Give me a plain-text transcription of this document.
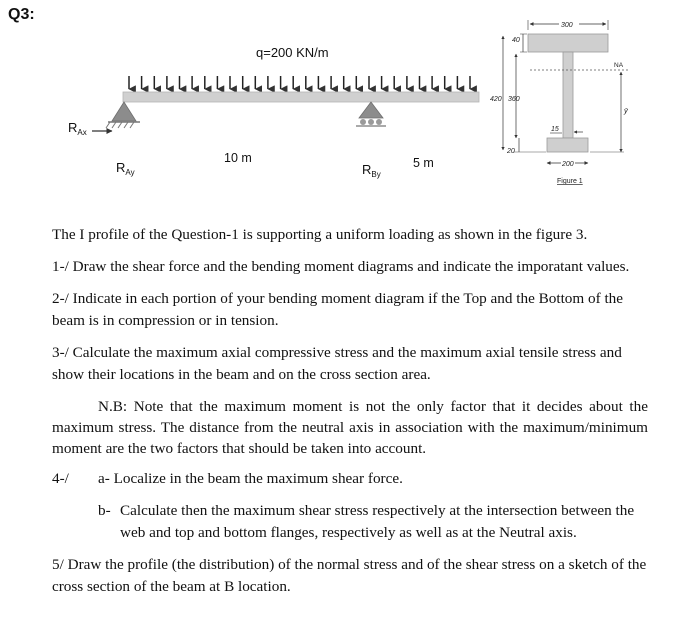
Q3:
q=200 KN/m
$R_{Ax}$
$R_{Ay}$	$R_{By}$
10 m	5 m
300
40
420 360
20
15
200
NA
ȳ
Figure 1
The I profile of the Question-1 is supporting a uniform loading as shown in the figure 3.
1-/ Draw the shear force and the bending moment diagrams and indicate the imporatant values.
2-/ Indicate in each portion of your bending moment diagram if the Top and the Bottom of the beam is in compression or in tension.
3-/ Calculate the maximum axial compressive stress and the maximum axial tensile stress and show their locations in the beam and on the cross section area.
N.B: Note that the maximum moment is not the only factor that it decides about the maximum stress. The distance from the neutral axis in association with the maximum/minimum moment are the two factors that should be taken into account.
4-/ a- Localize in the beam the maximum shear force.
b- Calculate then the maximum shear stress respectively at the intersection between the web and top and bottom flanges, respectively as well as at the Neutral axis.
5/ Draw the profile (the distribution) of the normal stress and of the shear stress on a sketch of the cross section of the beam at B location.
